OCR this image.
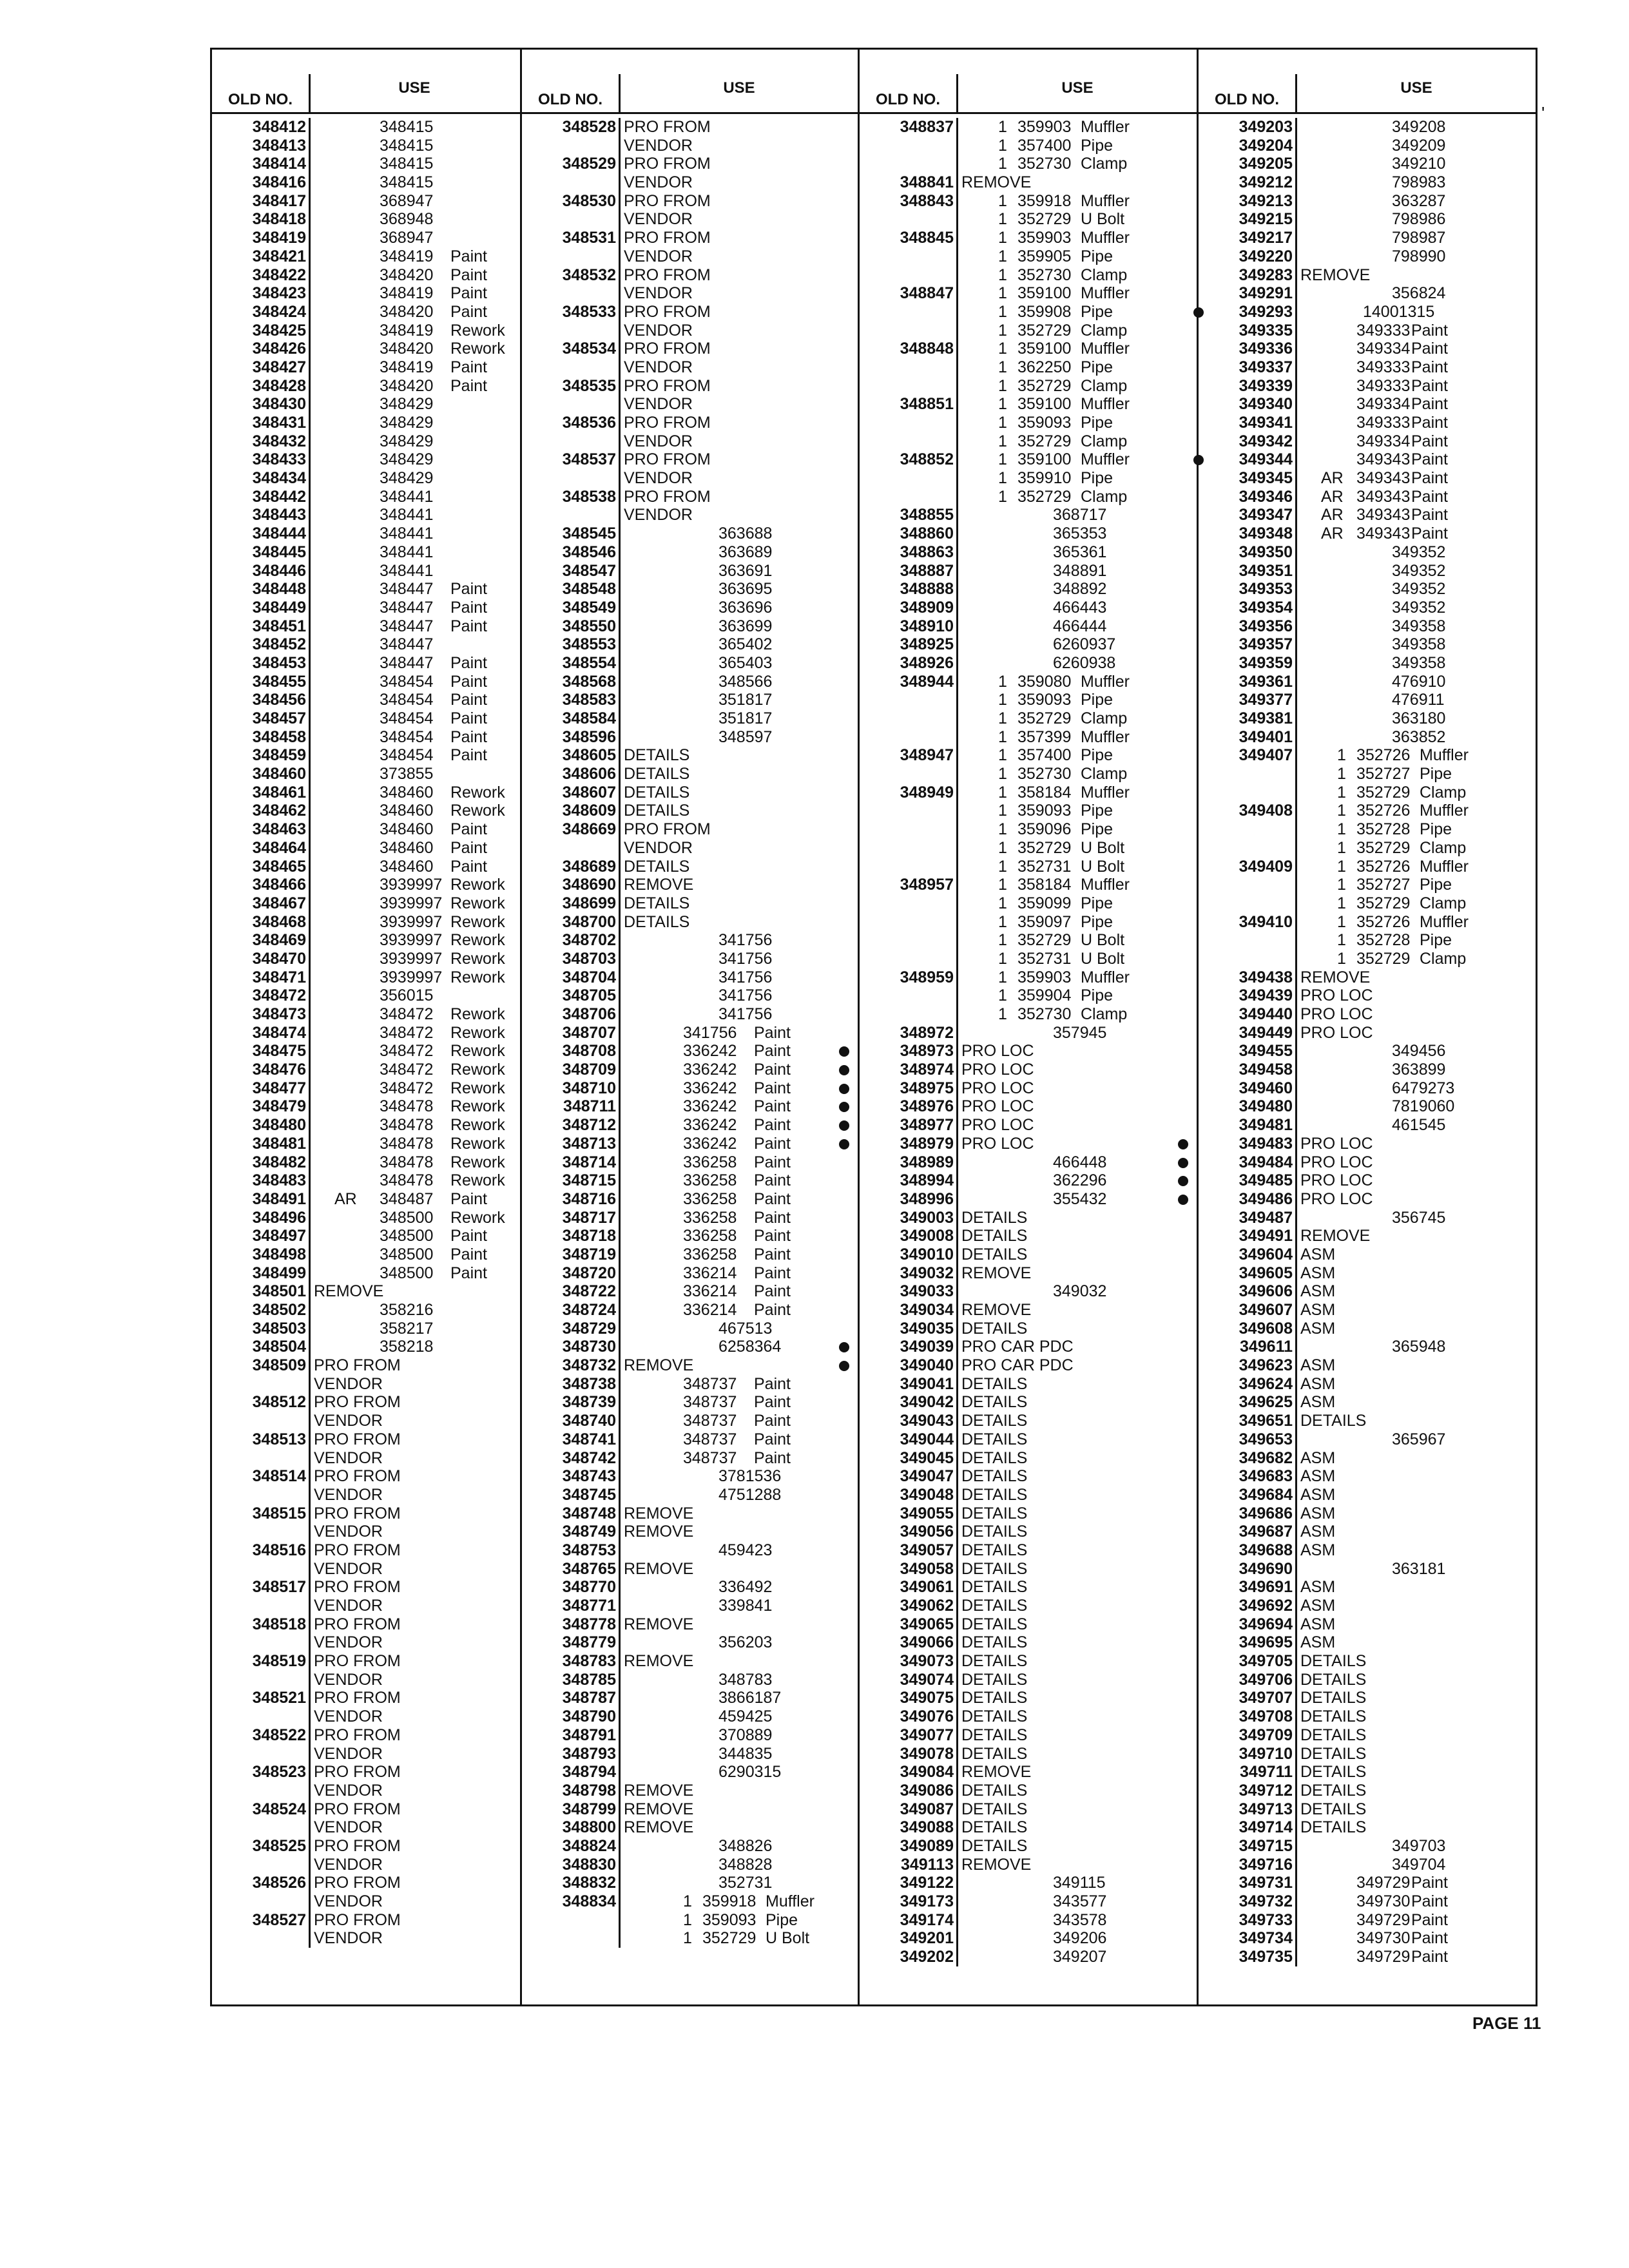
OLD NO.
USE
348412	348415
348413	348415
348414	348415
348416	348415
348417	368947
348418	368948
348419	368947
348421	348419 Paint
348422	348420 Paint
348423	348419 Paint
348424	348420 Paint
348425	348419 Rework
348426	348420 Rework
348427	348419 Paint
348428	348420 Paint
348430	348429
348431	348429
348432	348429
348433	348429
348434	348429
348442	348441
348443	348441
348444	348441
348445	348441
348446	348441
348448	348447 Paint
348449	348447 Paint
348451	348447 Paint
348452	348447
348453	348447 Paint
348455	348454 Paint
348456	348454 Paint
348457	348454 Paint
348458	348454 Paint
348459	348454 Paint
348460	373855
348461	348460 Rework
348462	348460 Rework
348463	348460 Paint
348464	348460 Paint
348465	348460 Paint
348466	3939997 Rework
348467	3939997 Rework
348468	3939997 Rework
348469	3939997 Rework
348470	3939997 Rework
348471	3939997 Rework
348472	356015
348473	348472 Rework
348474	348472 Rework
348475	348472 Rework
348476	348472 Rework
348477	348472 Rework
348479	348478 Rework
348480	348478 Rework
348481	348478 Rework
348482	348478 Rework
348483	348478 Rework
348491 AR 348487 Paint
348496	348500 Rework
348497	348500 Paint
348498	348500 Paint
348499	348500 Paint
348501 REMOVE
348502	358216
348503	358217
348504	358218
348509 PRO FROM
VENDOR
348512 PRO FROM
VENDOR
348513 PRO FROM
VENDOR
348514 PRO FROM
VENDOR
348515 PRO FROM
VENDOR
348516 PRO FROM
VENDOR
348517 PRO FROM
VENDOR
348518 PRO FROM
VENDOR
348519 PRO FROM
VENDOR
348521 PRO FROM
VENDOR
348522 PRO FROM
VENDOR
348523 PRO FROM
VENDOR
348524 PRO FROM
VENDOR
348525 PRO FROM
VENDOR
348526 PRO FROM
VENDOR
348527 PRO FROM
VENDOR
OLD NO.
USE
348528 PRO FROM
VENDOR
348529 PRO FROM
VENDOR
348530 PRO FROM
VENDOR
348531 PRO FROM
VENDOR
348532 PRO FROM
VENDOR
348533 PRO FROM
VENDOR
348534 PRO FROM
VENDOR
348535 PRO FROM
VENDOR
348536 PRO FROM
VENDOR
348537 PRO FROM
VENDOR
348538 PRO FROM
VENDOR
348545	363688
348546	363689
348547	363691
348548	363695
348549	363696
348550	363699
348553	365402
348554	365403
348568	348566
348583	351817
348584	351817
348596	348597
348605 DETAILS
348606 DETAILS
348607 DETAILS
348609 DETAILS
348669 PRO FROM
VENDOR
348689 DETAILS
348690 REMOVE
348699 DETAILS
348700 DETAILS
348702	341756
348703	341756
348704	341756
348705	341756
348706	341756
348707	341756 Paint
348708	336242 Paint
348709	336242 Paint
348710	336242 Paint
348711	336242 Paint
348712	336242 Paint
348713	336242 Paint
348714	336258 Paint
348715	336258 Paint
348716	336258 Paint
348717	336258 Paint
348718	336258 Paint
348719	336258 Paint
348720	336214 Paint
348722	336214 Paint
348724	336214 Paint
348729	467513
348730	6258364
348732 REMOVE
348738	348737 Paint
348739	348737 Paint
348740	348737 Paint
348741	348737 Paint
348742	348737 Paint
348743	3781536
348745	4751288
348748 REMOVE
348749 REMOVE
348753	459423
348765 REMOVE
348770	336492
348771	339841
348778 REMOVE
348779	356203
348783 REMOVE
348785	348783
348787	3866187
348790	459425
348791	370889
348793	344835
348794	6290315
348798 REMOVE
348799 REMOVE
348800 REMOVE
348824	348826
348830	348828
348832	352731
348834	1 359918 Muffler
1 359093 Pipe
1 352729 U Bolt
OLD NO.
USE
348837	1 359903 Muffler
1 357400 Pipe
1 352730 Clamp
348841 REMOVE
348843	1 359918 Muffler
1 352729 U Bolt
348845	1 359903 Muffler
1 359905 Pipe
1 352730 Clamp
348847	1 359100 Muffler
1 359908 Pipe
1 352729 Clamp
348848	1 359100 Muffler
1 362250 Pipe
1 352729 Clamp
348851	1 359100 Muffler
1 359093 Pipe
1 352729 Clamp
348852	1 359100 Muffler
1 359910 Pipe
1 352729 Clamp
348855	368717
348860	365353
348863	365361
348887	348891
348888	348892
348909	466443
348910	466444
348925	6260937
348926	6260938
348944	1 359080 Muffler
1 359093 Pipe
1 352729 Clamp
1 357399 Muffler
348947	1 357400 Pipe
1 352730 Clamp
348949	1 358184 Muffler
1 359093 Pipe
1 359096 Pipe
1 352729 U Bolt
1 352731 U Bolt
348957	1 358184 Muffler
1 359099 Pipe
1 359097 Pipe
1 352729 U Bolt
1 352731 U Bolt
348959	1 359903 Muffler
1 359904 Pipe
1 352730 Clamp
348972	357945
348973 PRO LOC
348974 PRO LOC
348975 PRO LOC
348976 PRO LOC
348977 PRO LOC
348979 PRO LOC
348989	466448
348994	362296
348996	355432
349003 DETAILS
349008 DETAILS
349010 DETAILS
349032 REMOVE
349033	349032
349034 REMOVE
349035 DETAILS
349039 PRO CAR PDC
349040 PRO CAR PDC
349041 DETAILS
349042 DETAILS
349043 DETAILS
349044 DETAILS
349045 DETAILS
349047 DETAILS
349048 DETAILS
349055 DETAILS
349056 DETAILS
349057 DETAILS
349058 DETAILS
349061 DETAILS
349062 DETAILS
349065 DETAILS
349066 DETAILS
349073 DETAILS
349074 DETAILS
349075 DETAILS
349076 DETAILS
349077 DETAILS
349078 DETAILS
349084 REMOVE
349086 DETAILS
349087 DETAILS
349088 DETAILS
349089 DETAILS
349113 REMOVE
349122	349115
349173	343577
349174	343578
349201	349206
349202	349207
OLD NO.
USE
349203	349208
349204	349209
349205	349210
349212	798983
349213	363287
349215	798986
349217	798987
349220	798990
349283 REMOVE
349291	356824
349293	14001315
349335	349333 Paint
349336	349334 Paint
349337	349333 Paint
349339	349333 Paint
349340	349334 Paint
349341	349333 Paint
349342	349334 Paint
349344	349343 Paint
349345 AR 349343 Paint
349346 AR 349343 Paint
349347 AR 349343 Paint
349348 AR 349343 Paint
349350	349352
349351	349352
349353	349352
349354	349352
349356	349358
349357	349358
349359	349358
349361	476910
349377	476911
349381	363180
349401	363852
349407	1 352726 Muffler
1 352727 Pipe
1 352729 Clamp
349408	1 352726 Muffler
1 352728 Pipe
1 352729 Clamp
349409	1 352726 Muffler
1 352727 Pipe
1 352729 Clamp
349410	1 352726 Muffler
1 352728 Pipe
1 352729 Clamp
349438 REMOVE
349439 PRO LOC
349440 PRO LOC
349449 PRO LOC
349455	349456
349458	363899
349460	6479273
349480	7819060
349481	461545
349483 PRO LOC
349484 PRO LOC
349485 PRO LOC
349486 PRO LOC
349487	356745
349491 REMOVE
349604 ASM
349605 ASM
349606 ASM
349607 ASM
349608 ASM
349611	365948
349623 ASM
349624 ASM
349625 ASM
349651 DETAILS
349653	365967
349682 ASM
349683 ASM
349684 ASM
349686 ASM
349687 ASM
349688 ASM
349690	363181
349691 ASM
349692 ASM
349694 ASM
349695 ASM
349705 DETAILS
349706 DETAILS
349707 DETAILS
349708 DETAILS
349709 DETAILS
349710 DETAILS
349711 DETAILS
349712 DETAILS
349713 DETAILS
349714 DETAILS
349715	349703
349716	349704
349731	349729 Paint
349732	349730 Paint
349733	349729 Paint
349734	349730 Paint
349735	349729 Paint
'
PAGE 11
